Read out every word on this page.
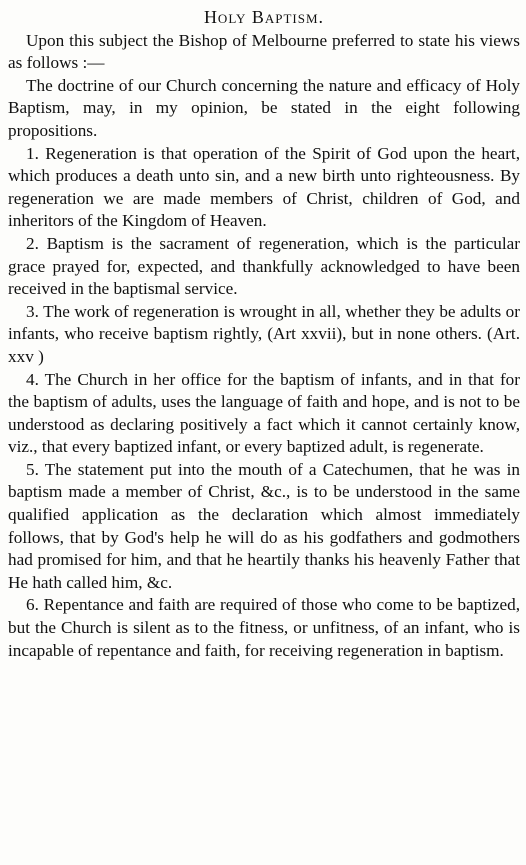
Holy Baptism.

Upon this subject the Bishop of Melbourne preferred to state his views as follows :—

The doctrine of our Church concerning the nature and efficacy of Holy Baptism, may, in my opinion, be stated in the eight following propositions.

1. Regeneration is that operation of the Spirit of God upon the heart, which produces a death unto sin, and a new birth unto righteousness. By regeneration we are made members of Christ, children of God, and inheritors of the Kingdom of Heaven.

2. Baptism is the sacrament of regeneration, which is the particular grace prayed for, expected, and thankfully acknowledged to have been received in the baptismal service.

3. The work of regeneration is wrought in all, whether they be adults or infants, who receive baptism rightly, (Art xxvii), but in none others. (Art. xxv )

4. The Church in her office for the baptism of infants, and in that for the baptism of adults, uses the language of faith and hope, and is not to be understood as declaring positively a fact which it cannot certainly know, viz., that every baptized infant, or every baptized adult, is regenerate.

5. The statement put into the mouth of a Catechumen, that he was in baptism made a member of Christ, &c., is to be understood in the same qualified application as the declaration which almost immediately follows, that by God's help he will do as his godfathers and godmothers had promised for him, and that he heartily thanks his heavenly Father that He hath called him, &c.

6. Repentance and faith are required of those who come to be baptized, but the Church is silent as to the fitness, or unfitness, of an infant, who is incapable of repentance and faith, for receiving regeneration in baptism.
